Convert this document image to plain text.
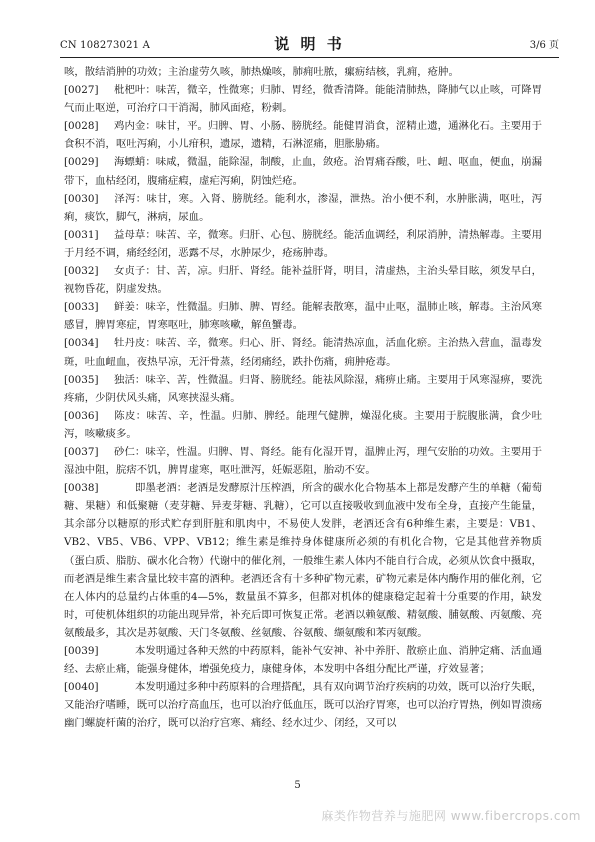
CN 108273021 A	说 明 书	3/6 页

咳，散结消肿的功效；主治虚劳久咳，肺热燥咳，肺痈吐脓，瘰疬结核，乳痈，疮肿。

[0027] 枇杷叶：味苦，微辛，性微寒；归肺、胃经，微香清降。能能清肺热，降肺气以止咳，可降胃气而止呕逆，可治疗口干消渴，肺风面疮，粉刺。

[0028] 鸡内金：味甘，平。归脾、胃、小肠、膀胱经。能健胃消食，涩精止遗，通淋化石。主要用于食积不消，呕吐泻痢，小儿疳积，遗尿，遗精，石淋涩痛，胆胀胁痛。

[0029] 海螵蛸：味咸，微温，能除湿，制酸，止血，敛疮。治胃痛吞酸，吐、衄、呕血，便血，崩漏带下，血枯经闭，腹痛症瘕，虚疟泻痢，阴蚀烂疮。

[0030] 泽泻：味甘，寒。入肾、膀胱经。能利水，渗湿，泄热。治小便不利，水肿胀满，呕吐，泻痢，痰饮，脚气，淋病，尿血。

[0031] 益母草：味苦、辛，微寒。归肝、心包、膀胱经。能活血调经，利尿消肿，清热解毒。主要用于月经不调，痛经经闭，恶露不尽，水肿尿少，疮疡肿毒。

[0032] 女贞子：甘、苦，凉。归肝、肾经。能补益肝肾，明目，清虚热，主治头晕目眩，须发早白，视物昏花，阴虚发热。

[0033] 鲜姜：味辛，性微温。归肺、脾、胃经。能解表散寒，温中止呕，温肺止咳，解毒。主治风寒感冒，脾胃寒症，胃寒呕吐，肺寒咳嗽，解鱼蟹毒。

[0034] 牡丹皮：味苦、辛，微寒。归心、肝、肾经。能清热凉血，活血化瘀。主治热入营血，温毒发斑，吐血衄血，夜热早凉，无汗骨蒸，经闭痛经，跌扑伤痛，痈肿疮毒。

[0035] 独活：味辛、苦，性微温。归肾、膀胱经。能祛风除湿，痛痹止痛。主要用于风寒湿痹，要洗疼痛，少阴伏风头痛，风寒挟湿头痛。

[0036] 陈皮：味苦、辛，性温。归肺、脾经。能理气健脾，燥湿化痰。主要用于脘腹胀满，食少吐泻，咳嗽痰多。

[0037] 砂仁：味辛，性温。归脾、胃、肾经。能有化湿开胃，温脾止泻，理气安胎的功效。主要用于湿浊中阻，脘痞不饥，脾胃虚寒，呕吐泄泻，妊娠恶阻，胎动不安。

[0038]	即墨老酒：老酒是发酵原汁压榨酒，所含的碳水化合物基本上都是发酵产生的单糖（葡萄糖、果糖）和低聚糖（麦芽糖、异麦芽糖、乳糖），它可以直接吸收到血液中发布全身，直接产生能量，其余部分以糖原的形式贮存到肝脏和肌肉中，不易使人发胖，老酒还含有6种维生素，主要是：VB1、VB2、VB5、VB6、VPP、VB12；维生素是维持身体健康所必须的有机化合物，它是其他营养物质（蛋白质、脂肪、碳水化合物）代谢中的催化剂，一般维生素人体内不能自行合成，必须从饮食中摄取，而老酒是维生素含量比较丰富的酒种。老酒还含有十多种矿物元素，矿物元素是体内酶作用的催化剂，它在人体内的总量约占体重的4—5%，数量虽不算多，但都对机体的健康稳定起着十分重要的作用，缺发时，可使机体组织的功能出现异常，补充后即可恢复正常。老酒以赖氨酸、精氨酸、脯氨酸、丙氨酸、亮氨酸最多，其次是苏氨酸、天门冬氨酸、丝氨酸、谷氨酸、缬氨酸和苯丙氨酸。

[0039]	本发明通过各种天然的中药原料，能补气安神、补中养肝、散瘀止血、消肿定痛、活血通经、去瘀止痛，能强身健体，增强免疫力，康健身体，本发明中各组分配比严谨，疗效显著；

[0040]	本发明通过多种中药原料的合理搭配，具有双向调节治疗疾病的功效，既可以治疗失眠，又能治疗嗜睡，既可以治疗高血压，也可以治疗低血压，既可以治疗胃寒，也可以治疗胃热，例如胃溃疡幽门螺旋杆菌的治疗，既可以治疗宫寒、痛经、经水过少、闭经，又可以

5
麻类作物营养与施肥网 www.fibercrops.com
